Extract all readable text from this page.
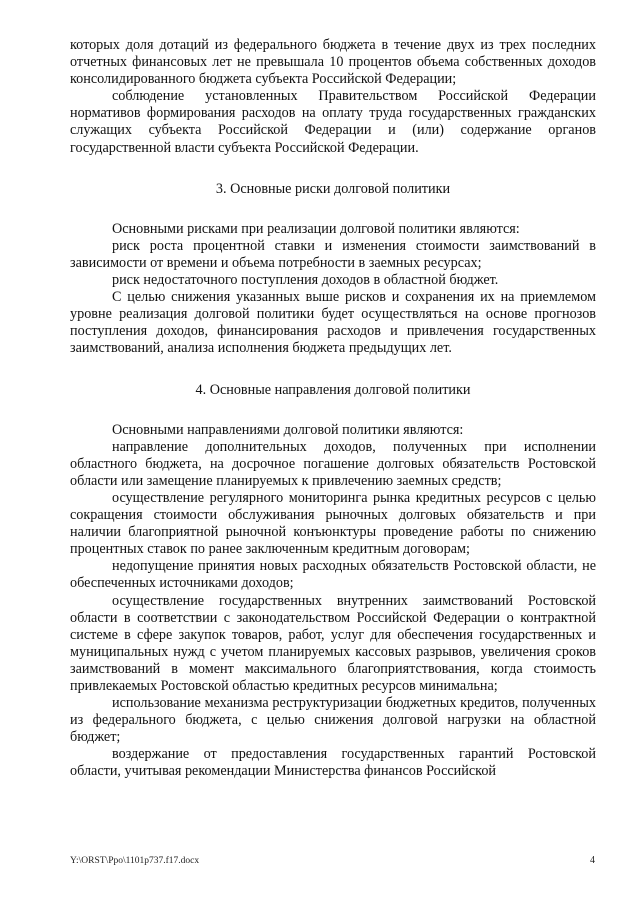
которых доля дотаций из федерального бюджета в течение двух из трех последних отчетных финансовых лет не превышала 10 процентов объема собственных доходов консолидированного бюджета субъекта Российской Федерации;

соблюдение установленных Правительством Российской Федерации нормативов формирования расходов на оплату труда государственных гражданских служащих субъекта Российской Федерации и (или) содержание органов государственной власти субъекта Российской Федерации.

3. Основные риски долговой политики

Основными рисками при реализации долговой политики являются:

риск роста процентной ставки и изменения стоимости заимствований в зависимости от времени и объема потребности в заемных ресурсах;

риск недостаточного поступления доходов в областной бюджет.

С целью снижения указанных выше рисков и сохранения их на приемлемом уровне реализация долговой политики будет осуществляться на основе прогнозов поступления доходов, финансирования расходов и привлечения государственных заимствований, анализа исполнения бюджета предыдущих лет.

4. Основные направления долговой политики

Основными направлениями долговой политики являются:

направление дополнительных доходов, полученных при исполнении областного бюджета, на досрочное погашение долговых обязательств Ростовской области или замещение планируемых к привлечению заемных средств;

осуществление регулярного мониторинга рынка кредитных ресурсов с целью сокращения стоимости обслуживания рыночных долговых обязательств и при наличии благоприятной рыночной конъюнктуры проведение работы по снижению процентных ставок по ранее заключенным кредитным договорам;

недопущение принятия новых расходных обязательств Ростовской области, не обеспеченных источниками доходов;

осуществление государственных внутренних заимствований Ростовской области в соответствии с законодательством Российской Федерации о контрактной системе в сфере закупок товаров, работ, услуг для обеспечения государственных и муниципальных нужд с учетом планируемых кассовых разрывов, увеличения сроков заимствований в момент максимального благоприятствования, когда стоимость привлекаемых Ростовской областью кредитных ресурсов минимальна;

использование механизма реструктуризации бюджетных кредитов, полученных из федерального бюджета, с целью снижения долговой нагрузки на областной бюджет;

воздержание от предоставления государственных гарантий Ростовской области, учитывая рекомендации Министерства финансов Российской

Y:\ORST\Ppo\1101p737.f17.docx	4
